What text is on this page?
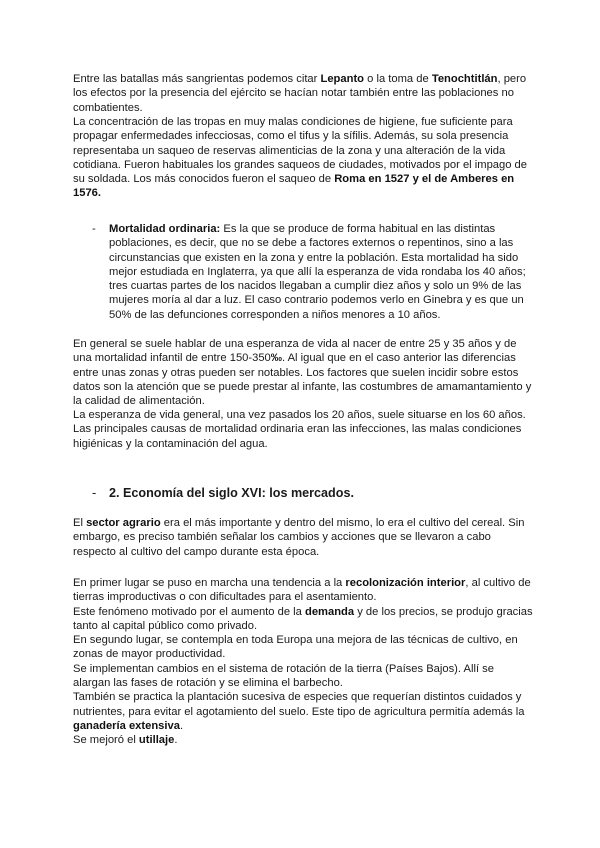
Entre las batallas más sangrientas podemos citar Lepanto o la toma de Tenochtitlán, pero los efectos por la presencia del ejército se hacían notar también entre las poblaciones no combatientes.

La concentración de las tropas en muy malas condiciones de higiene, fue suficiente para propagar enfermedades infecciosas, como el tifus y la sífilis. Además, su sola presencia representaba un saqueo de reservas alimenticias de la zona y una alteración de la vida cotidiana. Fueron habituales los grandes saqueos de ciudades, motivados por el impago de su soldada. Los más conocidos fueron el saqueo de Roma en 1527 y el de Amberes en 1576.

- Mortalidad ordinaria: Es la que se produce de forma habitual en las distintas poblaciones, es decir, que no se debe a factores externos o repentinos, sino a las circunstancias que existen en la zona y entre la población. Esta mortalidad ha sido mejor estudiada en Inglaterra, ya que allí la esperanza de vida rondaba los 40 años; tres cuartas partes de los nacidos llegaban a cumplir diez años y solo un 9% de las mujeres moría al dar a luz. El caso contrario podemos verlo en Ginebra y es que un 50% de las defunciones corresponden a niños menores a 10 años.

En general se suele hablar de una esperanza de vida al nacer de entre 25 y 35 años y de una mortalidad infantil de entre 150-350‰. Al igual que en el caso anterior las diferencias entre unas zonas y otras pueden ser notables. Los factores que suelen incidir sobre estos datos son la atención que se puede prestar al infante, las costumbres de amamantamiento y la calidad de alimentación.

La esperanza de vida general, una vez pasados los 20 años, suele situarse en los 60 años. Las principales causas de mortalidad ordinaria eran las infecciones, las malas condiciones higiénicas y la contaminación del agua.

- 2. Economía del siglo XVI: los mercados.

El sector agrario era el más importante y dentro del mismo, lo era el cultivo del cereal. Sin embargo, es preciso también señalar los cambios y acciones que se llevaron a cabo respecto al cultivo del campo durante esta época.

En primer lugar se puso en marcha una tendencia a la recolonización interior, al cultivo de tierras improductivas o con dificultades para el asentamiento.

Este fenómeno motivado por el aumento de la demanda y de los precios, se produjo gracias tanto al capital público como privado.

En segundo lugar, se contempla en toda Europa una mejora de las técnicas de cultivo, en zonas de mayor productividad.

Se implementan cambios en el sistema de rotación de la tierra (Países Bajos). Allí se alargan las fases de rotación y se elimina el barbecho.

También se practica la plantación sucesiva de especies que requerían distintos cuidados y nutrientes, para evitar el agotamiento del suelo. Este tipo de agricultura permitía además la ganadería extensiva.

Se mejoró el utillaje.
